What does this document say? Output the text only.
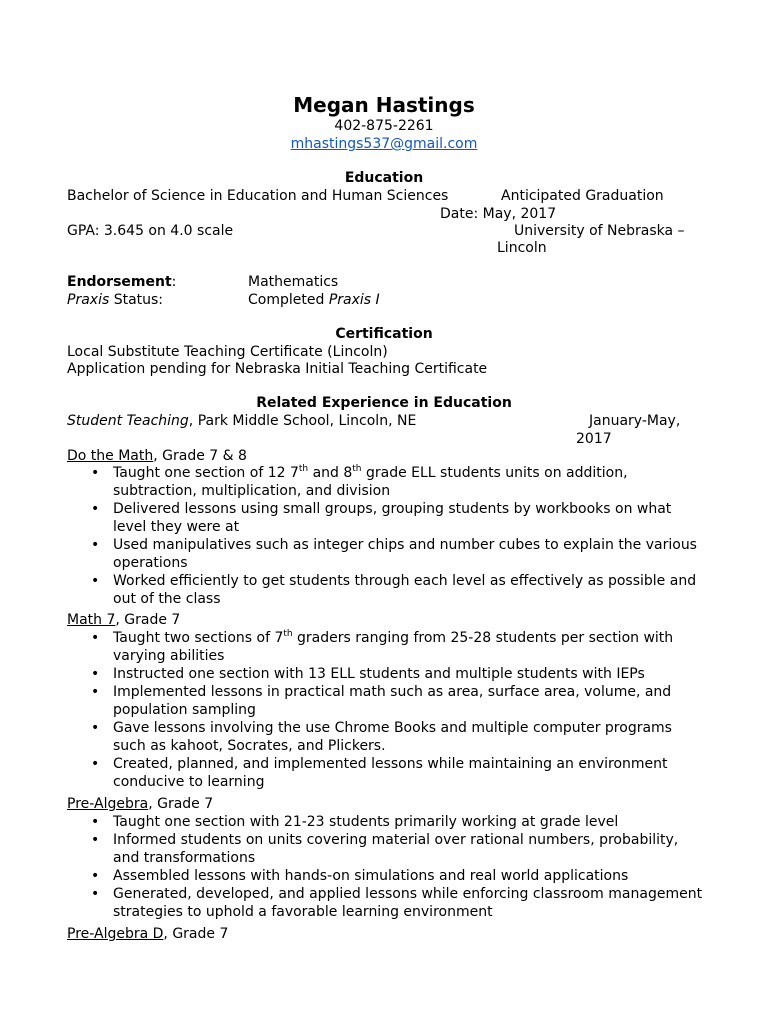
Megan Hastings
402-875-2261
mhastings537@gmail.com
Education
Bachelor of Science in Education and Human Sciences	Anticipated Graduation
Date: May, 2017
GPA: 3.645 on 4.0 scale	University of Nebraska –
Lincoln
Endorsement:	Mathematics
Praxis Status:	Completed Praxis I
Certification
Local Substitute Teaching Certificate (Lincoln)
Application pending for Nebraska Initial Teaching Certificate
Related Experience in Education
Student Teaching, Park Middle School, Lincoln, NE	January-May,
2017
Do the Math, Grade 7 & 8
• Taught one section of 12 7th and 8th grade ELL students units on addition, subtraction, multiplication, and division
• Delivered lessons using small groups, grouping students by workbooks on what level they were at
• Used manipulatives such as integer chips and number cubes to explain the various operations
• Worked efficiently to get students through each level as effectively as possible and out of the class
Math 7, Grade 7
• Taught two sections of 7th graders ranging from 25-28 students per section with varying abilities
• Instructed one section with 13 ELL students and multiple students with IEPs
• Implemented lessons in practical math such as area, surface area, volume, and population sampling
• Gave lessons involving the use Chrome Books and multiple computer programs such as kahoot, Socrates, and Plickers.
• Created, planned, and implemented lessons while maintaining an environment conducive to learning
Pre-Algebra, Grade 7
• Taught one section with 21-23 students primarily working at grade level
• Informed students on units covering material over rational numbers, probability, and transformations
• Assembled lessons with hands-on simulations and real world applications
• Generated, developed, and applied lessons while enforcing classroom management strategies to uphold a favorable learning environment
Pre-Algebra D, Grade 7
